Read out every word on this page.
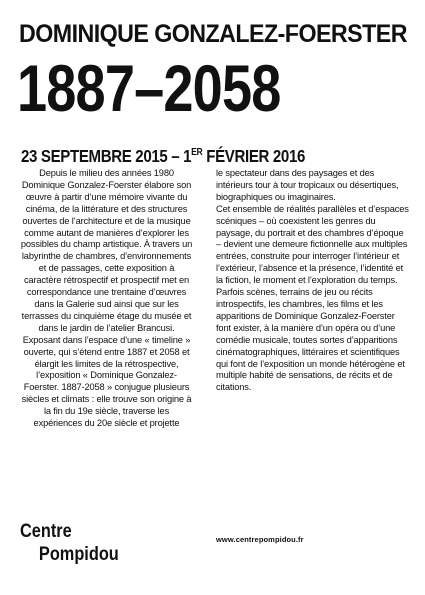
DOMINIQUE GONZALEZ-FOERSTER
1887–2058
23 SEPTEMBRE 2015 – 1ER FÉVRIER 2016

Depuis le milieu des années 1980 Dominique Gonzalez-Foerster élabore son œuvre à partir d’une mémoire vivante du cinéma, de la littérature et des structures ouvertes de l’architecture et de la musique comme autant de manières d’explorer les possibles du champ artistique. À travers un labyrinthe de chambres, d’environnements et de passages, cette exposition à caractère rétrospectif et prospectif met en correspondance une trentaine d’œuvres dans la Galerie sud ainsi que sur les terrasses du cinquième étage du musée et dans le jardin de l’atelier Brancusi. Exposant dans l’espace d’une « timeline » ouverte, qui s’étend entre 1887 et 2058 et élargit les limites de la rétrospective, l’exposition « Dominique Gonzalez-Foerster. 1887-2058 » conjugue plusieurs siècles et climats : elle trouve son origine à la fin du 19e siècle, traverse les expériences du 20e siècle et projette

le spectateur dans des paysages et des intérieurs tour à tour tropicaux ou désertiques, biographiques ou imaginaires.

Cet ensemble de réalités parallèles et d’espaces scéniques – où coexistent les genres du paysage, du portrait et des chambres d’époque – devient une demeure fictionnelle aux multiples entrées, construite pour interroger l’intérieur et l’extérieur, l’absence et la présence, l’identité et la fiction, le moment et l’exploration du temps.

Parfois scènes, terrains de jeu ou récits introspectifs, les chambres, les films et les apparitions de Dominique Gonzalez-Foerster font exister, à la manière d’un opéra ou d’une comédie musicale, toutes sortes d’apparitions cinématographiques, littéraires et scientifiques qui font de l’exposition un monde hétérogène et multiple habité de sensations, de récits et de citations.

Centre
Pompidou
www.centrepompidou.fr
